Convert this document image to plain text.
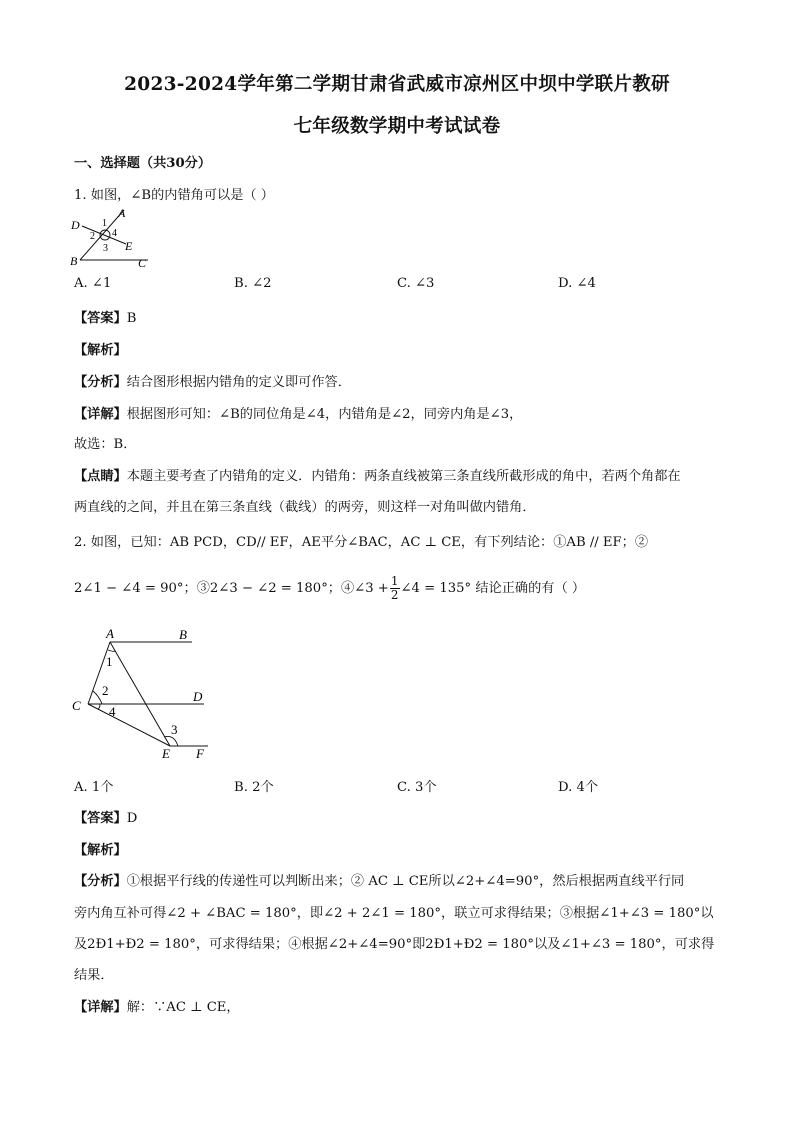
2023-2024学年第二学期甘肃省武威市凉州区中坝中学联片教研
七年级数学期中考试试卷
一、选择题（共30分）
1. 如图，∠B的内错角可以是（ ）
A
D 1
2 4
3 E
B	C
A. ∠1	B. ∠2	C. ∠3	D. ∠4
【答案】B
【解析】
【分析】结合图形根据内错角的定义即可作答．
【详解】根据图形可知：∠B的同位角是∠4，内错角是∠2，同旁内角是∠3，
故选：B．
【点睛】本题主要考查了内错角的定义．内错角：两条直线被第三条直线所截形成的角中，若两个角都在
两直线的之间，并且在第三条直线（截线）的两旁，则这样一对角叫做内错角．
2. 如图，已知：AB PCD，CD// EF，AE平分∠BAC，AC ⊥ CE，有下列结论：①AB // EF；②
2∠1 − ∠4 = 90°；③2∠3 − ∠2 = 180°；④∠3 + $\frac{1}{2}$ ∠4 = 135° 结论正确的有（ ）
A	B
1
2	D
C 4
3
E F
A. 1个	B. 2个	C. 3个	D. 4个
【答案】D
【解析】
【分析】①根据平行线的传递性可以判断出来；② AC ⊥ CE所以∠2+∠4=90°，然后根据两直线平行同
旁内角互补可得∠2 + ∠BAC = 180°，即∠2 + 2∠1 = 180°，联立可求得结果；③根据∠1+∠3 = 180°以
及2Ð1+Ð2 = 180°，可求得结果；④根据∠2+∠4=90°即2Ð1+Ð2 = 180°以及∠1+∠3 = 180°，可求得
结果．
【详解】解：∵AC ⊥ CE，
